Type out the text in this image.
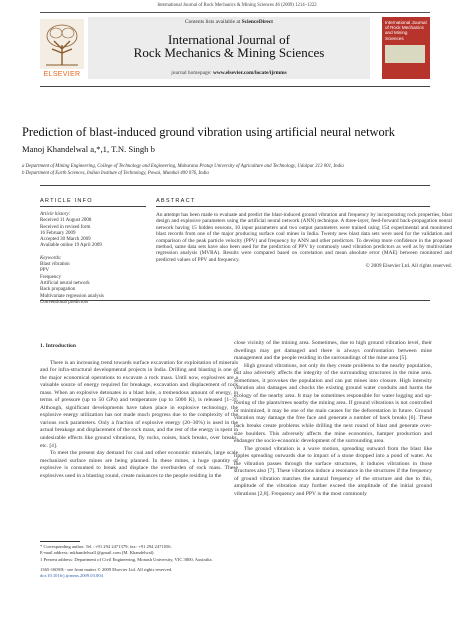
International Journal of Rock Mechanics & Mining Sciences 46 (2009) 1214–1222
ELSEVIER
Contents lists available at ScienceDirect
International Journal of
Rock Mechanics & Mining Sciences
journal homepage: www.elsevier.com/locate/ijrmms
International Journal of Rock Mechanics and Mining Sciences
Prediction of blast-induced ground vibration using artificial neural network
Manoj Khandelwal a,*,1, T.N. Singh b
a Department of Mining Engineering, College of Technology and Engineering, Maharana Pratap University of Agriculture and Technology, Udaipur 313 001, India
b Department of Earth Sciences, Indian Institute of Technology, Powai, Mumbai 400 076, India
ARTICLE INFO	ABSTRACT
Article history:
Received 11 August 2008
Received in revised form
16 February 2009
Accepted 30 March 2009
Available online 19 April 2009
Keywords:
Blast vibration
PPV
Frequency
Artificial neural network
Back propagation
Multivariate regression analysis
Conventional predictors
An attempt has been made to evaluate and predict the blast-induced ground vibration and frequency by incorporating rock properties, blast design and explosive parameters using the artificial neural network (ANN) technique. A three-layer, feed-forward back-propagation neural network having 15 hidden neurons, 10 input parameters and two output parameters were trained using 154 experimental and monitored blast records from one of the major producing surface coal mines in India. Twenty new blast data sets were used for the validation and comparison of the peak particle velocity (PPV) and frequency by ANN and other predictors. To develop more confidence in the proposed method, same data sets have also been used for the prediction of PPV by commonly used vibration predictors as well as by multivariate regression analysis (MVRA). Results were compared based on correlation and mean absolute error (MAE) between monitored and predicted values of PPV and frequency.
© 2009 Elsevier Ltd. All rights reserved.

1. Introduction

There is an increasing trend towards surface excavation for exploitation of minerals and for infra-structural developmental projects in India. Drilling and blasting is one of the major economical operations to excavate a rock mass. Until now, explosives are a valuable source of energy required for breakage, excavation and displacement of rock mass. When an explosive detonates in a blast hole, a tremendous amount of energy, in terms of pressure (up to 50 GPa) and temperature (up to 5000 K), is released [1–3]. Although, significant developments have taken place in explosive technology, the explosive energy utilization has not made much progress due to the complexity of the various rock parameters. Only a fraction of explosive energy (20–30%) is used in the actual breakage and displacement of the rock mass, and the rest of the energy is spent in undesirable effects like ground vibrations, fly rocks, noises, back breaks, over breaks, etc. [4].

To meet the present day demand for coal and other economic minerals, large scale mechanized surface mines are being planned. In these mines, a huge quantity of explosive is consumed to break and displace the overburden of rock mass. These explosives used in a blasting round, create nuisances to the people residing in the

close vicinity of the mining area. Sometimes, due to high ground vibration level, their dwellings may get damaged and there is always confrontation between mine management and the people residing in the surroundings of the mine area [5].

High ground vibrations, not only do they create problems to the nearby population, but also adversely affects the integrity of the surrounding structures in the mine area. Sometimes, it provokes the population and can put mines into closure. High intensity vibration also damages and chocks the existing ground water conduits and harms the ecology of the nearby area. It may be sometimes responsible for water logging and up-rooting of the plants/trees nearby the mining area. If ground vibrations is not controlled or minimized, it may be one of the main causes for the deforestation in future. Ground vibration may damage the free face and generate a number of back breaks [6]. These back breaks create problems while drilling the next round of blast and generate over-size boulders. This adversely affects the mine economics, hamper production and endanger the socio-economic development of the surrounding area.

The ground vibration is a wave motion, spreading outward from the blast like ripples spreading outwards due to impact of a stone dropped into a pond of water. As the vibration passes through the surface structures, it induces vibrations in those structures also [7]. These vibrations induce a resonance in the structures if the frequency of ground vibration matches the natural frequency of the structure and due to this, amplitude of the vibration may further exceed the amplitude of the initial ground vibrations [2,8]. Frequency and PPV is the most commonly

* Corresponding author. Tel.: +91 294 2471379; fax: +91 294 2471056.
E-mail address: mkhandelwal1@gmail.com (M. Khandelwal).
1 Present address: Department of Civil Engineering, Monash University, VIC 3800, Australia.
1365-1609/$ - see front matter © 2009 Elsevier Ltd. All rights reserved.
doi:10.1016/j.ijrmms.2009.03.004
